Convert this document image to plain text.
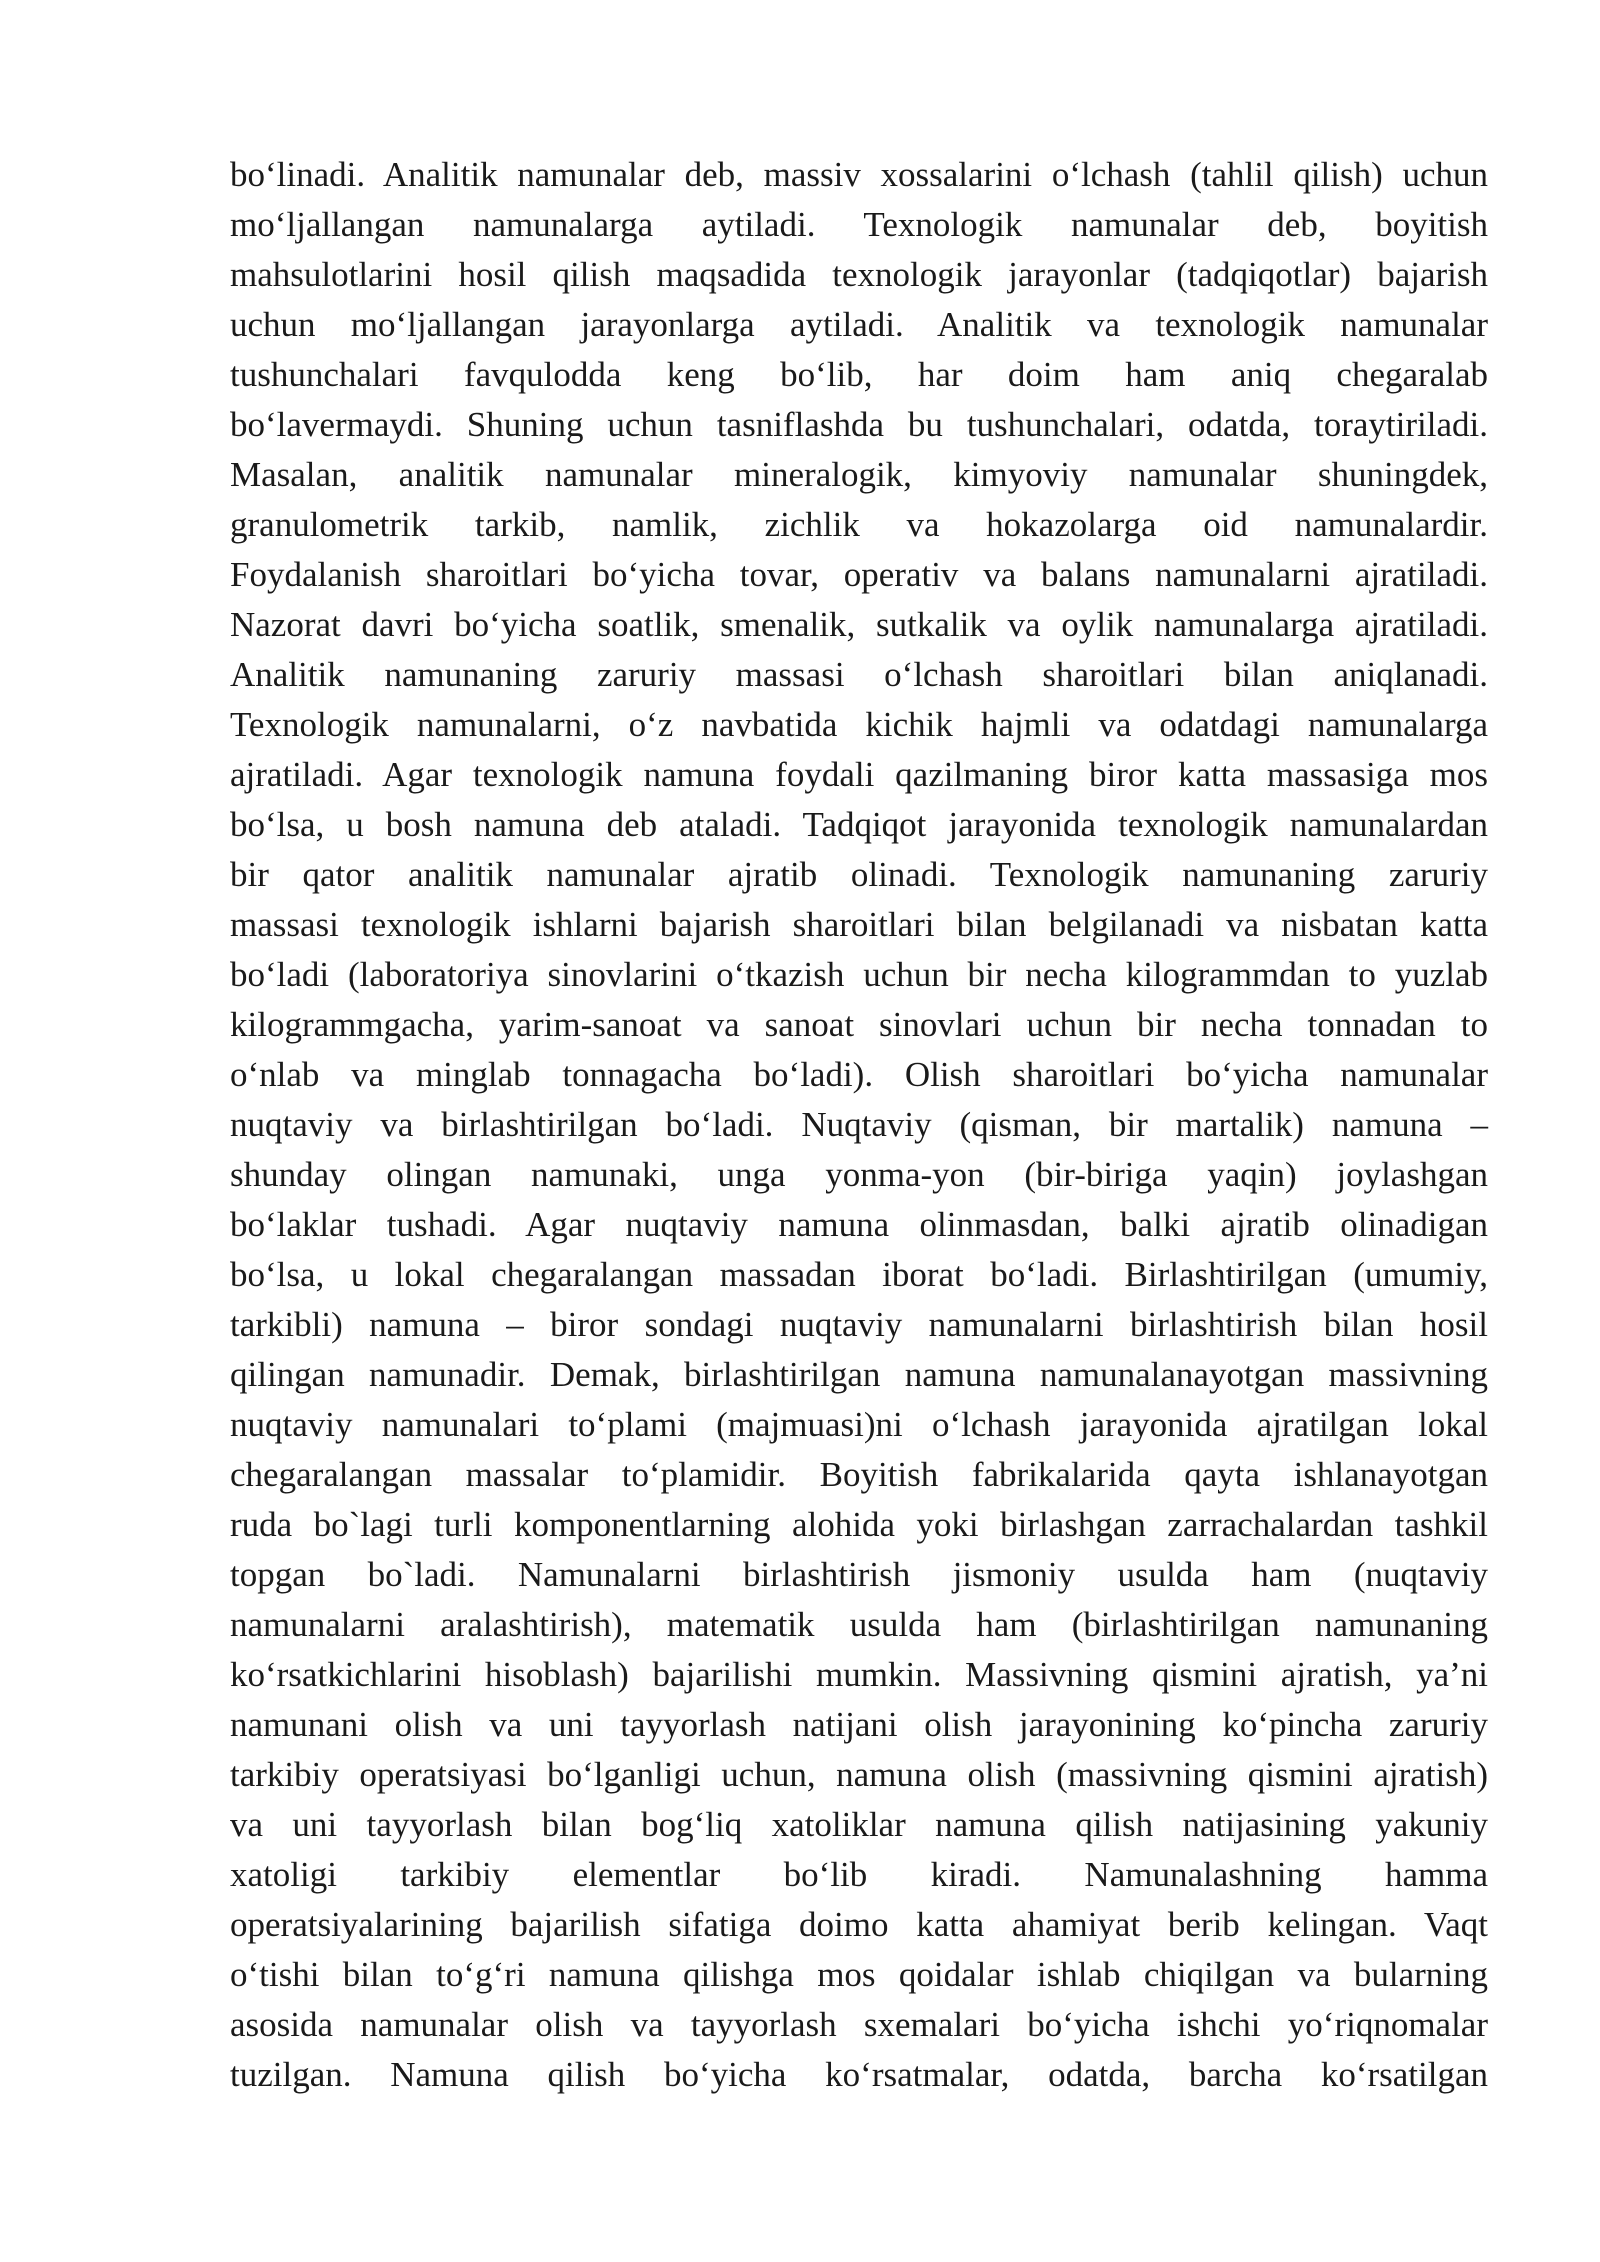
bo‘linadi. Analitik namunalar deb, massiv xossalarini o‘lchash (tahlil qilish) uchun
mo‘ljallangan namunalarga aytiladi. Texnologik namunalar deb, boyitish
mahsulotlarini hosil qilish maqsadida texnologik jarayonlar (tadqiqotlar) bajarish
uchun mo‘ljallangan jarayonlarga aytiladi. Analitik va texnologik namunalar
tushunchalari favqulodda keng bo‘lib, har doim ham aniq chegaralab
bo‘lavermaydi. Shuning uchun tasniflashda bu tushunchalari, odatda, toraytiriladi.
Masalan, analitik namunalar mineralogik, kimyoviy namunalar shuningdek,
granulometrik tarkib, namlik, zichlik va hokazolarga oid namunalardir.
Foydalanish sharoitlari bo‘yicha tovar, operativ va balans namunalarni ajratiladi.
Nazorat davri bo‘yicha soatlik, smenalik, sutkalik va oylik namunalarga ajratiladi.
Analitik namunaning zaruriy massasi o‘lchash sharoitlari bilan aniqlanadi.
Texnologik namunalarni, o‘z navbatida kichik hajmli va odatdagi namunalarga
ajratiladi. Agar texnologik namuna foydali qazilmaning biror katta massasiga mos
bo‘lsa, u bosh namuna deb ataladi. Tadqiqot jarayonida texnologik namunalardan
bir qator analitik namunalar ajratib olinadi. Texnologik namunaning zaruriy
massasi texnologik ishlarni bajarish sharoitlari bilan belgilanadi va nisbatan katta
bo‘ladi (laboratoriya sinovlarini o‘tkazish uchun bir necha kilogrammdan to yuzlab
kilogrammgacha, yarim-sanoat va sanoat sinovlari uchun bir necha tonnadan to
o‘nlab va minglab tonnagacha bo‘ladi). Olish sharoitlari bo‘yicha namunalar
nuqtaviy va birlashtirilgan bo‘ladi. Nuqtaviy (qisman, bir martalik) namuna –
shunday olingan namunaki, unga yonma-yon (bir-biriga yaqin) joylashgan
bo‘laklar tushadi. Agar nuqtaviy namuna olinmasdan, balki ajratib olinadigan
bo‘lsa, u lokal chegaralangan massadan iborat bo‘ladi. Birlashtirilgan (umumiy,
tarkibli) namuna – biror sondagi nuqtaviy namunalarni birlashtirish bilan hosil
qilingan namunadir. Demak, birlashtirilgan namuna namunalanayotgan massivning
nuqtaviy namunalari to‘plami (majmuasi)ni o‘lchash jarayonida ajratilgan lokal
chegaralangan massalar to‘plamidir. Boyitish fabrikalarida qayta ishlanayotgan
ruda bo`lagi turli komponentlarning alohida yoki birlashgan zarrachalardan tashkil
topgan bo`ladi. Namunalarni birlashtirish jismoniy usulda ham (nuqtaviy
namunalarni aralashtirish), matematik usulda ham (birlashtirilgan namunaning
ko‘rsatkichlarini hisoblash) bajarilishi mumkin. Massivning qismini ajratish, ya’ni
namunani olish va uni tayyorlash natijani olish jarayonining ko‘pincha zaruriy
tarkibiy operatsiyasi bo‘lganligi uchun, namuna olish (massivning qismini ajratish)
va uni tayyorlash bilan bog‘liq xatoliklar namuna qilish natijasining yakuniy
xatoligi tarkibiy elementlar bo‘lib kiradi. Namunalashning hamma
operatsiyalarining bajarilish sifatiga doimo katta ahamiyat berib kelingan. Vaqt
o‘tishi bilan to‘g‘ri namuna qilishga mos qoidalar ishlab chiqilgan va bularning
asosida namunalar olish va tayyorlash sxemalari bo‘yicha ishchi yo‘riqnomalar
tuzilgan. Namuna qilish bo‘yicha ko‘rsatmalar, odatda, barcha ko‘rsatilgan
